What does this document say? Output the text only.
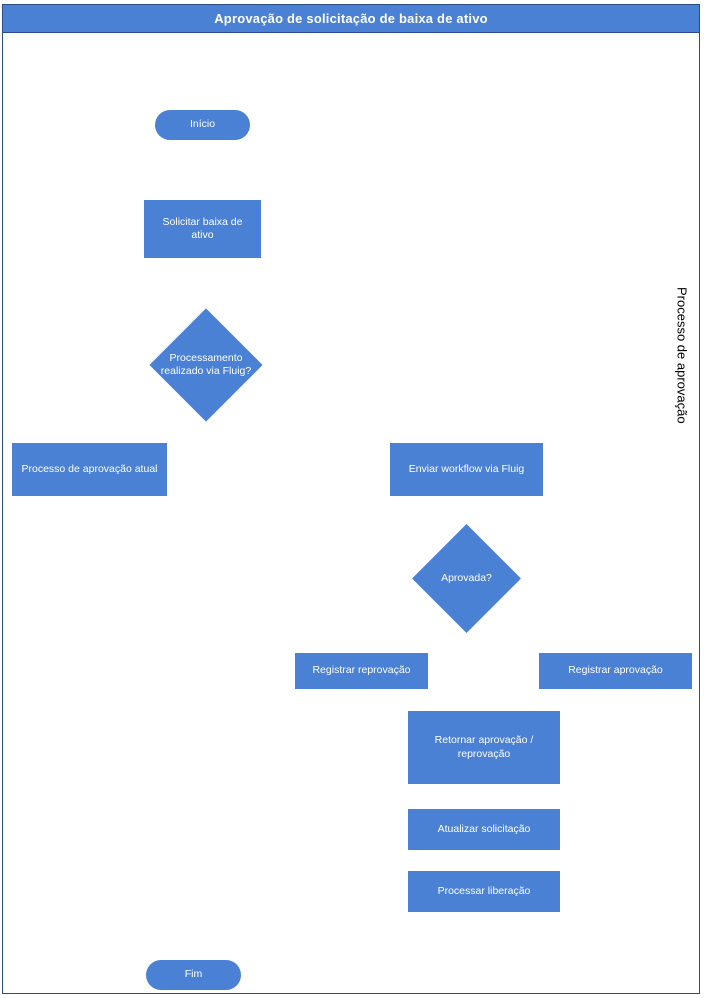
Aprovação de solicitação de baixa de ativo
Processo de aprovação
Início
Solicitar baixa de ativo
Processamento realizado via Fluig?
Processo de aprovação atual	Enviar workflow via Fluig
Aprovada?
Registrar reprovação	Registrar aprovação
Retornar aprovação / reprovação
Atualizar solicitação
Processar liberação
Fim
